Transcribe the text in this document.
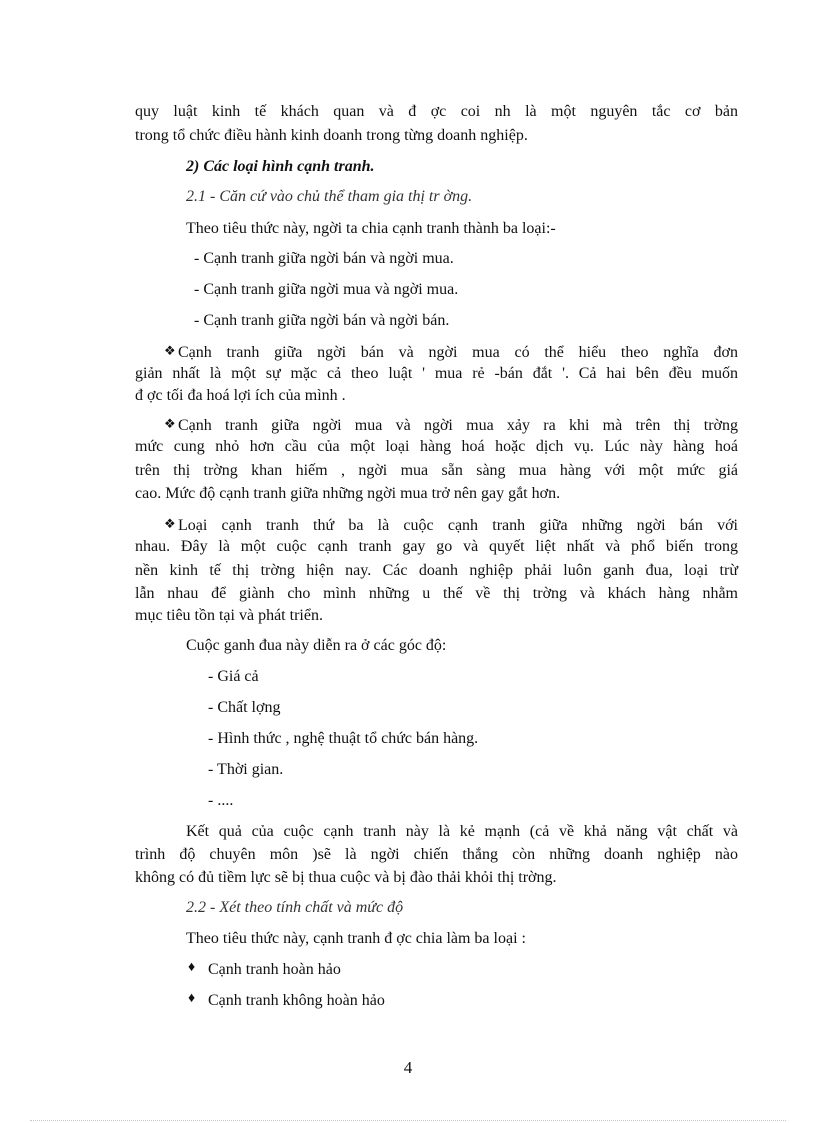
quy luật kinh tế khách quan và đ ợc coi nh là một nguyên tắc cơ bản
trong tổ chức điều hành kinh doanh trong từng doanh nghiệp.
2) Các loại hình cạnh tranh.
2.1 - Căn cứ vào chủ thể tham gia thị tr ờng.
Theo tiêu thức này, ngời ta chia cạnh tranh thành ba loại:-
- Cạnh tranh giữa ngời bán và ngời mua.
- Cạnh tranh giữa ngời mua và ngời mua.
- Cạnh tranh giữa ngời bán và ngời bán.
❖ Cạnh tranh giữa ngời bán và ngời mua có thể hiểu theo nghĩa đơn
giản nhất là một sự mặc cả theo luật ' mua rẻ -bán đắt '. Cả hai bên đều muốn
đ ợc tối đa hoá lợi ích của mình .
❖ Cạnh tranh giữa ngời mua và ngời mua xảy ra khi mà trên thị trờng
mức cung nhỏ hơn cầu của một loại hàng hoá hoặc dịch vụ. Lúc này hàng hoá
trên thị trờng khan hiếm , ngời mua sẵn sàng mua hàng với một mức giá
cao. Mức độ cạnh tranh giữa những ngời mua trở nên gay gắt hơn.
❖ Loại cạnh tranh thứ ba là cuộc cạnh tranh giữa những ngời bán với
nhau. Đây là một cuộc cạnh tranh gay go và quyết liệt nhất và phổ biến trong
nền kinh tế thị trờng hiện nay. Các doanh nghiệp phải luôn ganh đua, loại trừ
lẫn nhau để giành cho mình những u thế về thị trờng và khách hàng nhằm
mục tiêu tồn tại và phát triển.
Cuộc ganh đua này diễn ra ở các góc độ:
- Giá cả
- Chất lợng
- Hình thức , nghệ thuật tổ chức bán hàng.
- Thời gian.
- ....
Kết quả của cuộc cạnh tranh này là kẻ mạnh (cả về khả năng vật chất và
trình độ chuyên môn )sẽ là ngời chiến thắng còn những doanh nghiệp nào
không có đủ tiềm lực sẽ bị thua cuộc và bị đào thải khỏi thị trờng.
2.2 - Xét theo tính chất và mức độ
Theo tiêu thức này, cạnh tranh đ ợc chia làm ba loại :
♦ Cạnh tranh hoàn hảo
♦ Cạnh tranh không hoàn hảo
4
